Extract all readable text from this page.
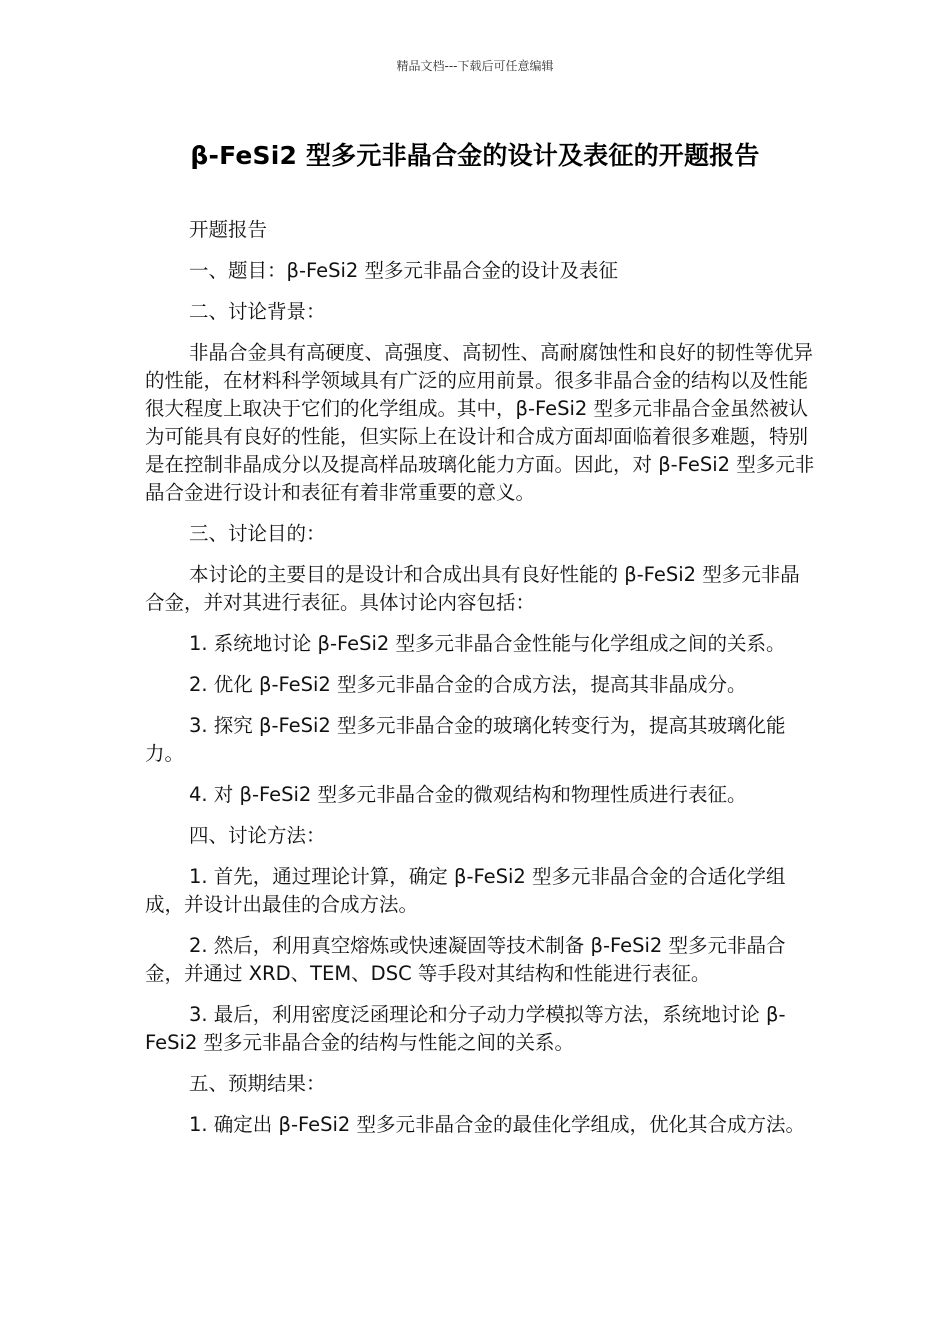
精品文档---下载后可任意编辑
β-FeSi2 型多元非晶合金的设计及表征的开题报告

开题报告

一、题目：β-FeSi2 型多元非晶合金的设计及表征

二、讨论背景：

非晶合金具有高硬度、高强度、高韧性、高耐腐蚀性和良好的韧性等优异的性能，在材料科学领域具有广泛的应用前景。很多非晶合金的结构以及性能很大程度上取决于它们的化学组成。其中，β-FeSi2 型多元非晶合金虽然被认为可能具有良好的性能，但实际上在设计和合成方面却面临着很多难题，特别是在控制非晶成分以及提高样品玻璃化能力方面。因此，对 β-FeSi2 型多元非晶合金进行设计和表征有着非常重要的意义。

三、讨论目的：

本讨论的主要目的是设计和合成出具有良好性能的 β-FeSi2 型多元非晶合金，并对其进行表征。具体讨论内容包括：

1. 系统地讨论 β-FeSi2 型多元非晶合金性能与化学组成之间的关系。

2. 优化 β-FeSi2 型多元非晶合金的合成方法，提高其非晶成分。

3. 探究 β-FeSi2 型多元非晶合金的玻璃化转变行为，提高其玻璃化能力。

4. 对 β-FeSi2 型多元非晶合金的微观结构和物理性质进行表征。

四、讨论方法：

1. 首先，通过理论计算，确定 β-FeSi2 型多元非晶合金的合适化学组成，并设计出最佳的合成方法。

2. 然后，利用真空熔炼或快速凝固等技术制备 β-FeSi2 型多元非晶合金，并通过 XRD、TEM、DSC 等手段对其结构和性能进行表征。

3. 最后，利用密度泛函理论和分子动力学模拟等方法，系统地讨论 β-FeSi2 型多元非晶合金的结构与性能之间的关系。

五、预期结果：

1. 确定出 β-FeSi2 型多元非晶合金的最佳化学组成，优化其合成方法。
